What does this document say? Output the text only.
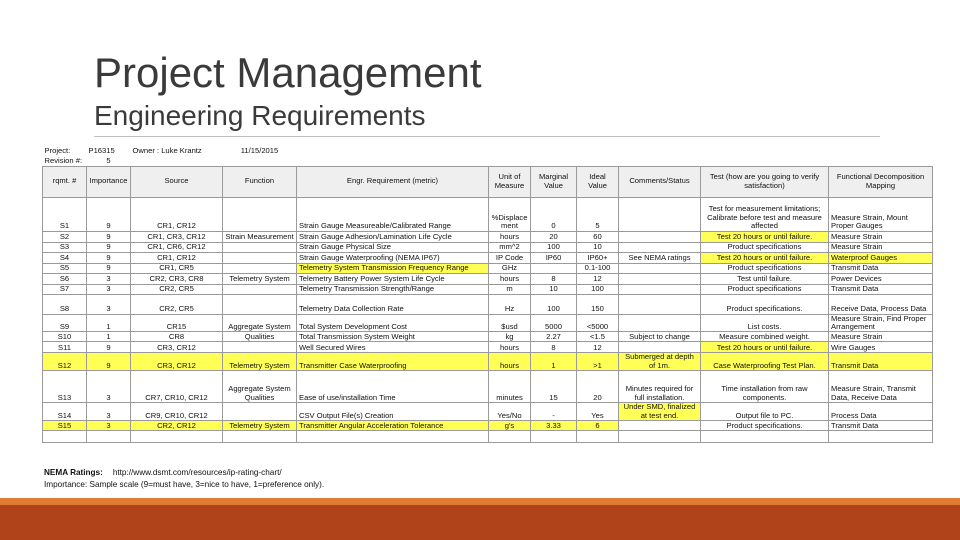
Project Management
Engineering Requirements
Project:	P16315	Owner : Luke Krantz	11/15/2015							
Revision #:	5									
rqmt. #	Importance	Source	Function	Engr. Requirement (metric)	Unit of Measure	Marginal Value	Ideal Value	Comments/Status	Test (how are you going to verify satisfaction)	Functional Decomposition Mapping
S1	9	CR1, CR12		Strain Gauge Measureable/Calibrated Range	%Displace ment	0	5		Test for measurement limitations; Calibrate before test and measure affected	Measure Strain, Mount Proper Gauges
S2	9	CR1, CR3, CR12	Strain Measurement	Strain Gauge Adhesion/Lamination Life Cycle	hours	20	60		Test 20 hours or until failure.	Measure Strain
S3	9	CR1, CR6, CR12		Strain Gauge Physical Size	mm^2	100	10		Product specifications	Measure Strain
S4	9	CR1, CR12		Strain Gauge Waterproofing (NEMA IP67)	IP Code	IP60	IP60+	See NEMA ratings	Test 20 hours or until failure.	Waterproof Gauges
S5	9	CR1, CR5		Telemetry System Transmission Frequency Range	GHz		0.1-100		Product specifications	Transmit Data
S6	3	CR2, CR3, CR8	Telemetry System	Telemetry Battery Power System Life Cycle	hours	8	12		Test until failure.	Power Devices
S7	3	CR2, CR5		Telemetry Transmission Strength/Range	m	10	100		Product specifications	Transmit Data
S8	3	CR2, CR5		Telemetry Data Collection Rate	Hz	100	150		Product specifications.	Receive Data, Process Data
S9	1	CR15	Aggregate System	Total System Development Cost	$usd	5000	<5000		List costs.	Measure Strain, Find Proper Arrangement
S10	1	CR8	Qualities	Total Transmission System Weight	kg	2.27	<1.5	Subject to change	Measure combined weight.	Measure Strain
S11	9	CR3, CR12		Well Secured Wires	hours	8	12		Test 20 hours or until failure.	Wire Gauges
S12	9	CR3, CR12	Telemetry System	Transmitter Case Waterproofing	hours	1	>1	Submerged at depth of 1m.	Case Waterproofing Test Plan.	Transmit Data
S13	3	CR7, CR10, CR12	Aggregate System Qualities	Ease of use/installation Time	minutes	15	20	Minutes required for full installation.	Time installation from raw components.	Measure Strain, Transmit Data, Receive Data
S14	3	CR9, CR10, CR12		CSV Output File(s) Creation	Yes/No	-	Yes	Under SMD, finalized at test end.	Output file to PC.	Process Data
S15	3	CR2, CR12	Telemetry System	Transmitter Angular Acceleration Tolerance	g's	3.33	6		Product specifications.	Transmit Data

NEMA Ratings: http://www.dsmt.com/resources/ip-rating-chart/
Importance: Sample scale (9=must have, 3=nice to have, 1=preference only).
